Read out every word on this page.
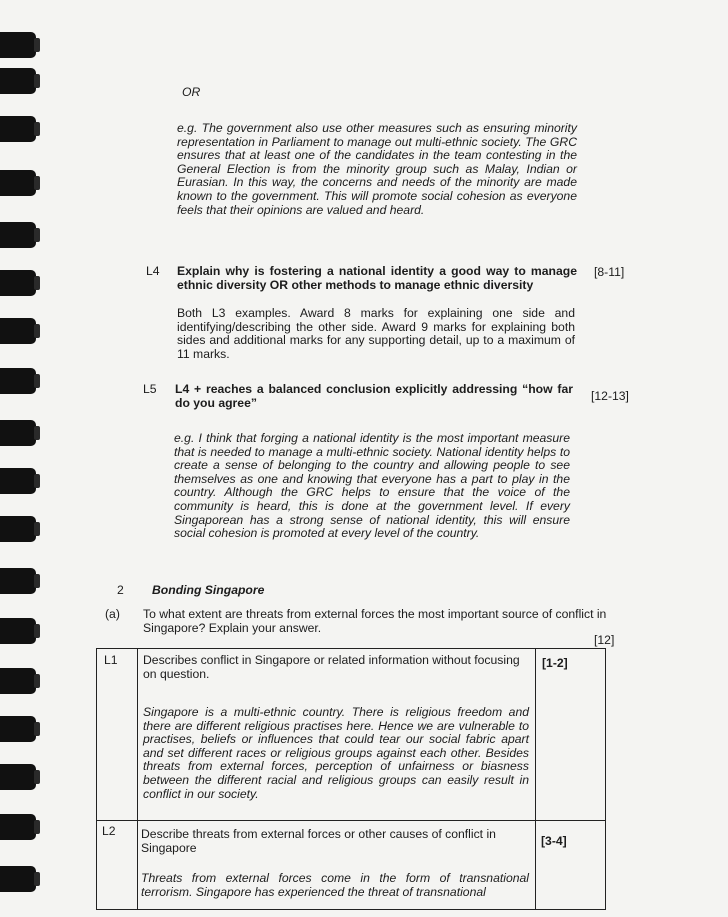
OR

e.g. The government also use other measures such as ensuring minority representation in Parliament to manage out multi-ethnic society. The GRC ensures that at least one of the candidates in the team contesting in the General Election is from the minority group such as Malay, Indian or Eurasian. In this way, the concerns and needs of the minority are made known to the government. This will promote social cohesion as everyone feels that their opinions are valued and heard.

L4 Explain why is fostering a national identity a good way to manage ethnic diversity OR other methods to manage ethnic diversity

[8-11]

Both L3 examples. Award 8 marks for explaining one side and identifying/describing the other side. Award 9 marks for explaining both sides and additional marks for any supporting detail, up to a maximum of 11 marks.

L5 L4 + reaches a balanced conclusion explicitly addressing “how far do you agree”	[12-13]

e.g. I think that forging a national identity is the most important measure that is needed to manage a multi-ethnic society. National identity helps to create a sense of belonging to the country and allowing people to see themselves as one and knowing that everyone has a part to play in the country. Although the GRC helps to ensure that the voice of the community is heard, this is done at the government level. If every Singaporean has a strong sense of national identity, this will ensure social cohesion is promoted at every level of the country.

2 Bonding Singapore
(a) To what extent are threats from external forces the most important source of conflict in Singapore? Explain your answer.

[12]
L1 Describes conflict in Singapore or related information without focusing on question.

[1-2]

Singapore is a multi-ethnic country. There is religious freedom and there are different religious practises here. Hence we are vulnerable to practises, beliefs or influences that could tear our social fabric apart and set different races or religious groups against each other. Besides threats from external forces, perception of unfairness or biasness between the different racial and religious groups can easily result in conflict in our society.

L2 Describe threats from external forces or other causes of conflict in Singapore	[3-4]

Threats from external forces come in the form of transnational terrorism. Singapore has experienced the threat of transnational
